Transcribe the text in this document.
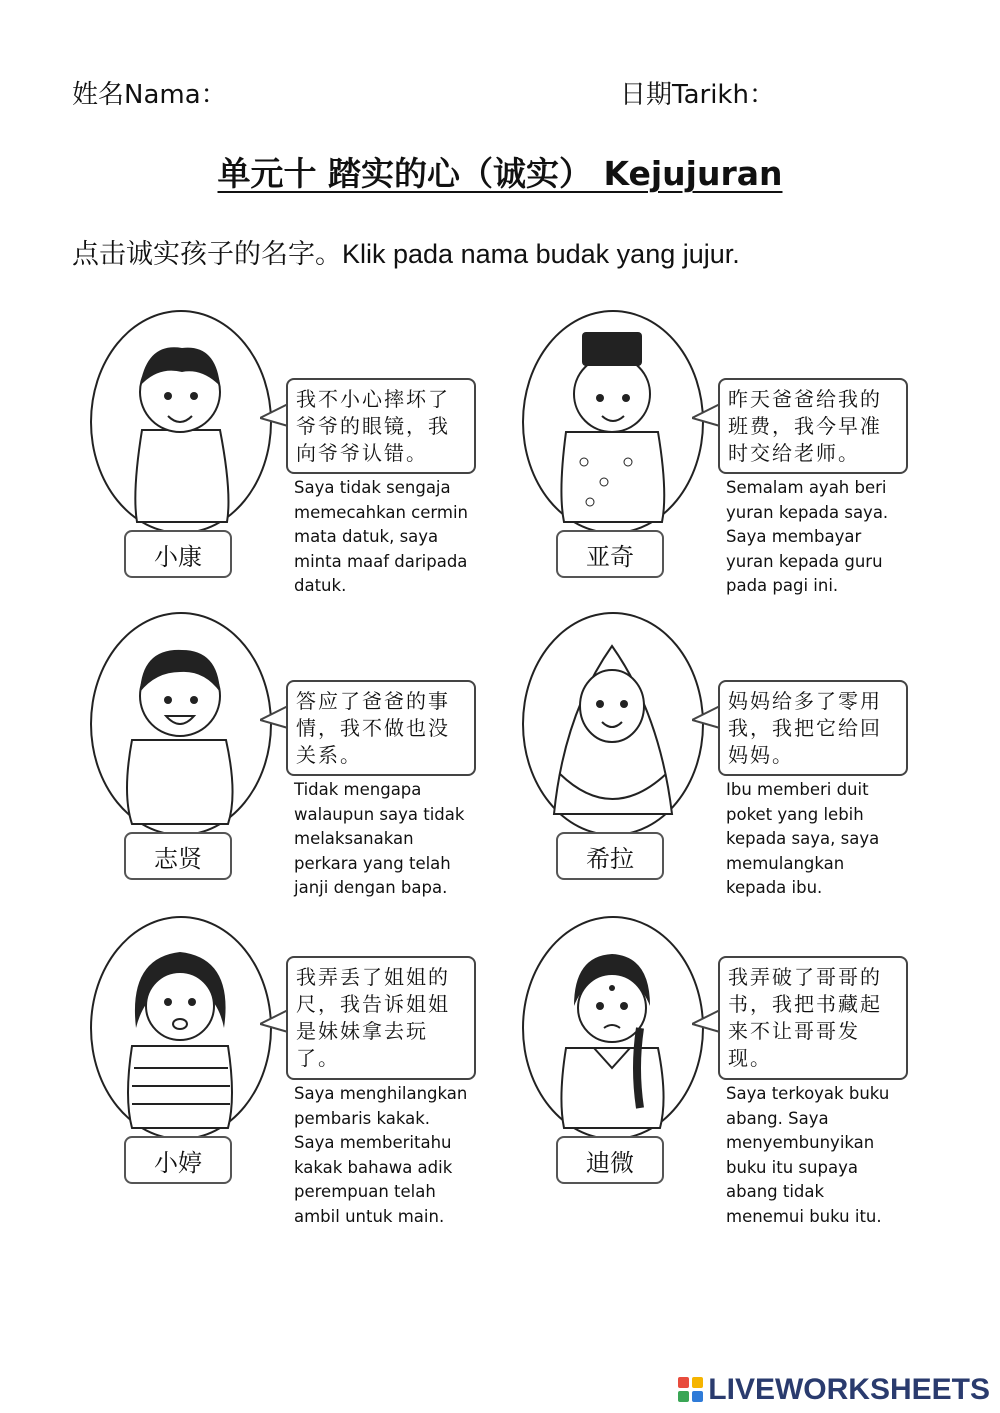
姓名Nama：	日期Tarikh：
单元十 踏实的心（诚实） Kejujuran
点击诚实孩子的名字。Klik pada nama budak yang jujur.
我不小心摔坏了
爷爷的眼镜，我
向爷爷认错。
Saya tidak sengaja
memecahkan cermin
mata datuk, saya
minta maaf daripada
datuk.
小康
昨天爸爸给我的
班费，我今早准
时交给老师。
Semalam ayah beri
yuran kepada saya.
Saya membayar
yuran kepada guru
pada pagi ini.
亚奇
答应了爸爸的事
情，我不做也没
关系。
Tidak mengapa
walaupun saya tidak
melaksanakan
perkara yang telah
janji dengan bapa.
志贤
妈妈给多了零用
我，我把它给回
妈妈。
Ibu memberi duit
poket yang lebih
kepada saya, saya
memulangkan
kepada ibu.
希拉
我弄丢了姐姐的
尺，我告诉姐姐
是妹妹拿去玩
了。
Saya menghilangkan
pembaris kakak.
Saya memberitahu
kakak bahawa adik
perempuan telah
ambil untuk main.
小婷
我弄破了哥哥的
书，我把书藏起
来不让哥哥发
现。
Saya terkoyak buku
abang. Saya
menyembunyikan
buku itu supaya
abang tidak
menemui buku itu.
迪微
LIVEWORKSHEETS
